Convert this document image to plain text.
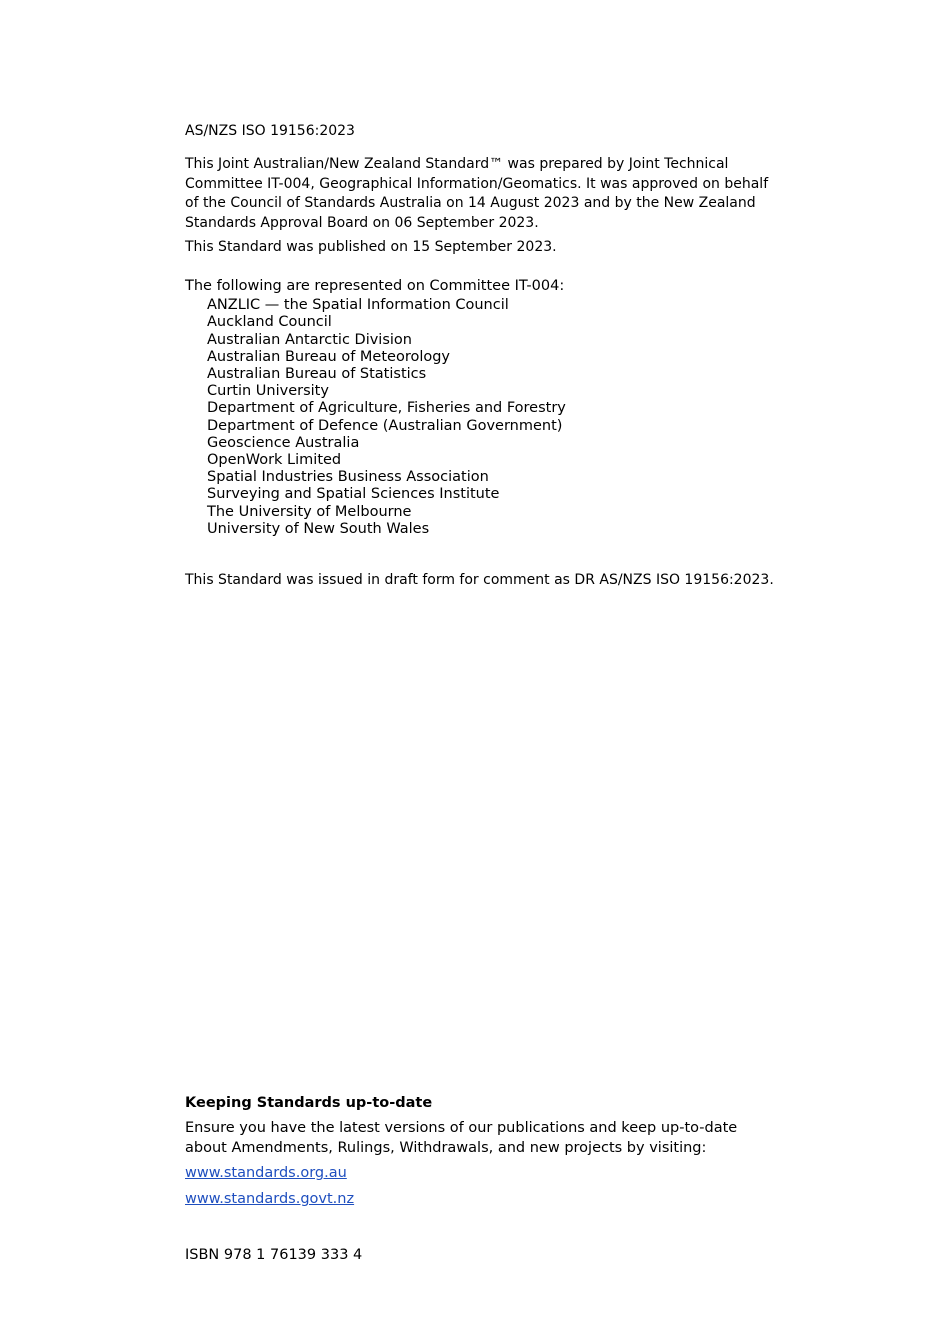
AS/NZS ISO 19156:2023
This Joint Australian/New Zealand Standard™ was prepared by Joint Technical Committee IT-004, Geographical Information/Geomatics. It was approved on behalf of the Council of Standards Australia on 14 August 2023 and by the New Zealand Standards Approval Board on 06 September 2023.
This Standard was published on 15 September 2023.
The following are represented on Committee IT-004:
ANZLIC — the Spatial Information Council
Auckland Council
Australian Antarctic Division
Australian Bureau of Meteorology
Australian Bureau of Statistics
Curtin University
Department of Agriculture, Fisheries and Forestry
Department of Defence (Australian Government)
Geoscience Australia
OpenWork Limited
Spatial Industries Business Association
Surveying and Spatial Sciences Institute
The University of Melbourne
University of New South Wales
This Standard was issued in draft form for comment as DR AS/NZS ISO 19156:2023.

Keeping Standards up-to-date

Ensure you have the latest versions of our publications and keep up-to-date about Amendments, Rulings, Withdrawals, and new projects by visiting:

www.standards.org.au
www.standards.govt.nz
ISBN 978 1 76139 333 4
